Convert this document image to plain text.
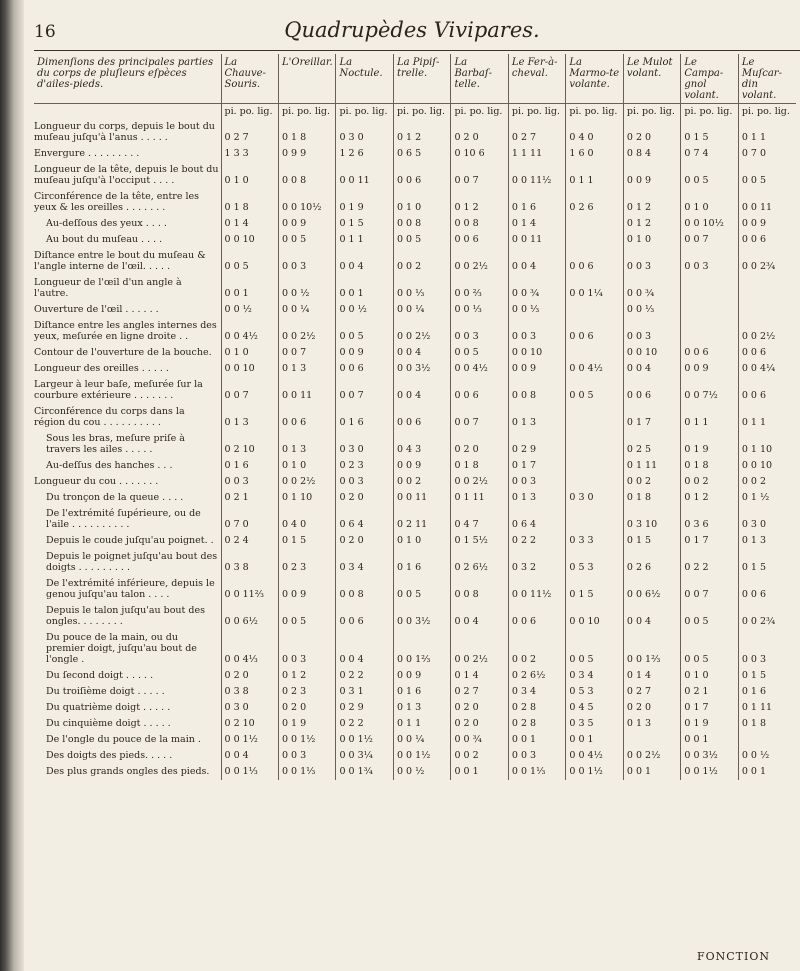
16	Quadrupèdes Vivipares.
Dimenſions des principales parties du corps de pluſieurs eſpèces d'ailes-pieds.	La Chauve-Souris.	L'Oreillar.	La Noctule.	La Pipiſ-trelle.	La Barbaſ-telle.	Le Fer-à-cheval.	La Marmo-te volante.	Le Mulot volant.	Le Campa-gnol volant.	Le Muſcar-din volant.
	pi. po. lig.	pi. po. lig.	pi. po. lig.	pi. po. lig.	pi. po. lig.	pi. po. lig.	pi. po. lig.	pi. po. lig.	pi. po. lig.	pi. po. lig.
Longueur du corps, depuis le bout du muſeau juſqu'à l'anus . . . . .	0 2 7	0 1 8	0 3 0	0 1 2	0 2 0	0 2 7	0 4 0	0 2 0	0 1 5	0 1 1
Envergure . . . . . . . . .	1 3 3	0 9 9	1 2 6	0 6 5	0 10 6	1 1 11	1 6 0	0 8 4	0 7 4	0 7 0
Longueur de la tête, depuis le bout du muſeau juſqu'à l'occiput . . . .	0 1 0	0 0 8	0 0 11	0 0 6	0 0 7	0 0 11½	0 1 1	0 0 9	0 0 5	0 0 5
Circonférence de la tête, entre les yeux & les oreilles . . . . . . .	0 1 8	0 0 10½	0 1 9	0 1 0	0 1 2	0 1 6	0 2 6	0 1 2	0 1 0	0 0 11
Au-deſſous des yeux . . . .	0 1 4	0 0 9	0 1 5	0 0 8	0 0 8	0 1 4		0 1 2	0 0 10½	0 0 9
Au bout du muſeau . . . .	0 0 10	0 0 5	0 1 1	0 0 5	0 0 6	0 0 11		0 1 0	0 0 7	0 0 6
Diſtance entre le bout du muſeau & l'angle interne de l'œil. . . . .	0 0 5	0 0 3	0 0 4	0 0 2	0 0 2½	0 0 4	0 0 6	0 0 3	0 0 3	0 0 2¾
Longueur de l'œil d'un angle à l'autre.	0 0 1	0 0 ½	0 0 1	0 0 ⅓	0 0 ⅔	0 0 ¾	0 0 1¼	0 0 ¾		
Ouverture de l'œil . . . . . .	0 0 ½	0 0 ¼	0 0 ½	0 0 ¼	0 0 ⅓	0 0 ⅓		0 0 ⅓		
Diſtance entre les angles internes des yeux, meſurée en ligne droite . .	0 0 4½	0 0 2½	0 0 5	0 0 2½	0 0 3	0 0 3	0 0 6	0 0 3		0 0 2½
Contour de l'ouverture de la bouche.	0 1 0	0 0 7	0 0 9	0 0 4	0 0 5	0 0 10		0 0 10	0 0 6	0 0 6
Longueur des oreilles . . . . .	0 0 10	0 1 3	0 0 6	0 0 3½	0 0 4½	0 0 9	0 0 4½	0 0 4	0 0 9	0 0 4¼
Largeur à leur baſe, meſurée ſur la courbure extérieure . . . . . . .	0 0 7	0 0 11	0 0 7	0 0 4	0 0 6	0 0 8	0 0 5	0 0 6	0 0 7½	0 0 6
Circonférence du corps dans la région du cou . . . . . . . . . .	0 1 3	0 0 6	0 1 6	0 0 6	0 0 7	0 1 3		0 1 7	0 1 1	0 1 1
Sous les bras, meſure priſe à travers les ailes . . . . .	0 2 10	0 1 3	0 3 0	0 4 3	0 2 0	0 2 9		0 2 5	0 1 9	0 1 10
Au-deſſus des hanches . . .	0 1 6	0 1 0	0 2 3	0 0 9	0 1 8	0 1 7		0 1 11	0 1 8	0 0 10
Longueur du cou . . . . . . .	0 0 3	0 0 2½	0 0 3	0 0 2	0 0 2½	0 0 3		0 0 2	0 0 2	0 0 2
Du tronçon de la queue . . . .	0 2 1	0 1 10	0 2 0	0 0 11	0 1 11	0 1 3	0 3 0	0 1 8	0 1 2	0 1 ½
De l'extrémité ſupérieure, ou de l'aile . . . . . . . . . .	0 7 0	0 4 0	0 6 4	0 2 11	0 4 7	0 6 4		0 3 10	0 3 6	0 3 0
Depuis le coude juſqu'au poignet. .	0 2 4	0 1 5	0 2 0	0 1 0	0 1 5½	0 2 2	0 3 3	0 1 5	0 1 7	0 1 3
Depuis le poignet juſqu'au bout des doigts . . . . . . . . .	0 3 8	0 2 3	0 3 4	0 1 6	0 2 6½	0 3 2	0 5 3	0 2 6	0 2 2	0 1 5
De l'extrémité inférieure, depuis le genou juſqu'au talon . . . .	0 0 11⅔	0 0 9	0 0 8	0 0 5	0 0 8	0 0 11½	0 1 5	0 0 6½	0 0 7	0 0 6
Depuis le talon juſqu'au bout des ongles. . . . . . . .	0 0 6½	0 0 5	0 0 6	0 0 3½	0 0 4	0 0 6	0 0 10	0 0 4	0 0 5	0 0 2¾
Du pouce de la main, ou du premier doigt, juſqu'au bout de l'ongle .	0 0 4⅓	0 0 3	0 0 4	0 0 1⅔	0 0 2½	0 0 2	0 0 5	0 0 1⅔	0 0 5	0 0 3
Du ſecond doigt . . . . .	0 2 0	0 1 2	0 2 2	0 0 9	0 1 4	0 2 6½	0 3 4	0 1 4	0 1 0	0 1 5
Du troiſième doigt . . . . .	0 3 8	0 2 3	0 3 1	0 1 6	0 2 7	0 3 4	0 5 3	0 2 7	0 2 1	0 1 6
Du quatrième doigt . . . . .	0 3 0	0 2 0	0 2 9	0 1 3	0 2 0	0 2 8	0 4 5	0 2 0	0 1 7	0 1 11
Du cinquième doigt . . . . .	0 2 10	0 1 9	0 2 2	0 1 1	0 2 0	0 2 8	0 3 5	0 1 3	0 1 9	0 1 8
De l'ongle du pouce de la main .	0 0 1½	0 0 1½	0 0 1½	0 0 ¼	0 0 ¾	0 0 1	0 0 1		0 0 1	
Des doigts des pieds. . . . .	0 0 4	0 0 3	0 0 3¼	0 0 1½	0 0 2	0 0 3	0 0 4½	0 0 2½	0 0 3½	0 0 ½
Des plus grands ongles des pieds.	0 0 1⅓	0 0 1⅓	0 0 1¾	0 0 ½	0 0 1	0 0 1⅓	0 0 1½	0 0 1	0 0 1½	0 0 1
FONCTION
